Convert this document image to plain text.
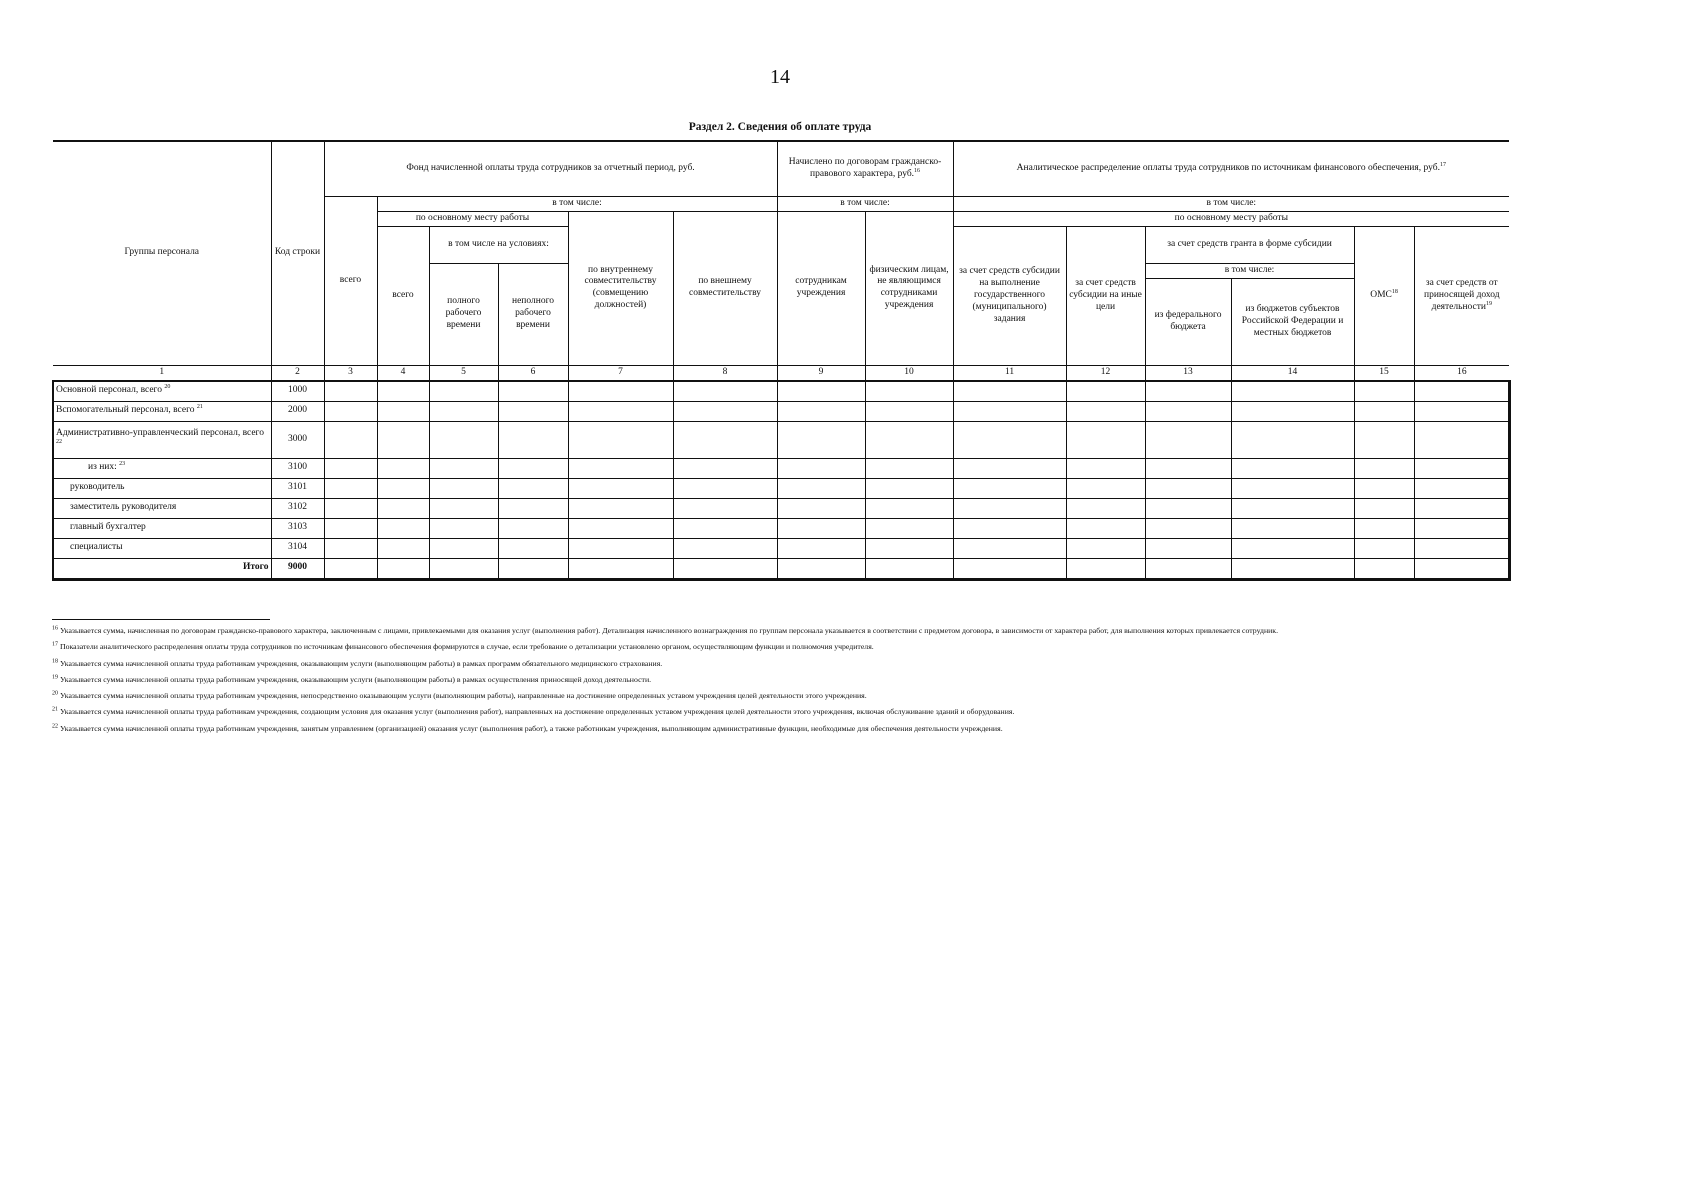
14
Раздел 2. Сведения об оплате труда
Группы персонала	Код строки	Фонд начисленной оплаты труда сотрудников за отчетный период, руб.						Начислено по договорам гражданско-правового характера, руб.$^{16}$		Аналитическое распределение оплаты труда сотрудников по источникам финансового обеспечения, руб.$^{17}$
		всего	в том числе:					в том числе:		в том числе:					
			по основному месту работы			по внутреннему совместительству (совмещению должностей)	по внешнему совместительству	сотрудникам учреждения	физическим лицам, не являющимся сотрудниками учреждения	по основному месту работы					
			всего	в том числе на условиях:						за счет средств субсидии на выполнение государственного (муниципального) задания	за счет средств субсидии на иные цели	за счет средств гранта в форме субсидии		ОМС$^{18}$	за счет средств от приносящей доход деятельности$^{19}$
				полного рабочего времени	неполного рабочего времени							в том числе:			
												из федерального бюджета	из бюджетов субъектов Российской Федерации и местных бюджетов		
1	2	3	4	5	6	7	8	9	10	11	12	13	14	15	16
Основной персонал, всего $^{20}$	1000														
Вспомогательный персонал, всего $^{21}$	2000														
Административно-управленческий персонал, всего $^{22}$	3000														
из них: $^{23}$	3100														
руководитель	3101														
заместитель руководителя	3102														
главный бухгалтер	3103														
специалисты	3104														
Итого	9000														

$^{16}$ Указывается сумма, начисленная по договорам гражданско-правового характера, заключенным с лицами, привлекаемыми для оказания услуг (выполнения работ). Детализация начисленного вознаграждения по группам персонала указывается в соответствии с предметом договора, в зависимости от характера работ, для выполнения которых привлекается сотрудник.

$^{17}$ Показатели аналитического распределения оплаты труда сотрудников по источникам финансового обеспечения формируются в случае, если требование о детализации установлено органом, осуществляющим функции и полномочия учредителя.

$^{18}$ Указывается сумма начисленной оплаты труда работникам учреждения, оказывающим услуги (выполняющим работы) в рамках программ обязательного медицинского страхования.

$^{19}$ Указывается сумма начисленной оплаты труда работникам учреждения, оказывающим услуги (выполняющим работы) в рамках осуществления приносящей доход деятельности.

$^{20}$ Указывается сумма начисленной оплаты труда работникам учреждения, непосредственно оказывающим услуги (выполняющим работы), направленные на достижение определенных уставом учреждения целей деятельности этого учреждения.

$^{21}$ Указывается сумма начисленной оплаты труда работникам учреждения, создающим условия для оказания услуг (выполнения работ), направленных на достижение определенных уставом учреждения целей деятельности этого учреждения, включая обслуживание зданий и оборудования.

$^{22}$ Указывается сумма начисленной оплаты труда работникам учреждения, занятым управлением (организацией) оказания услуг (выполнения работ), а также работникам учреждения, выполняющим административные функции, необходимые для обеспечения деятельности учреждения.
